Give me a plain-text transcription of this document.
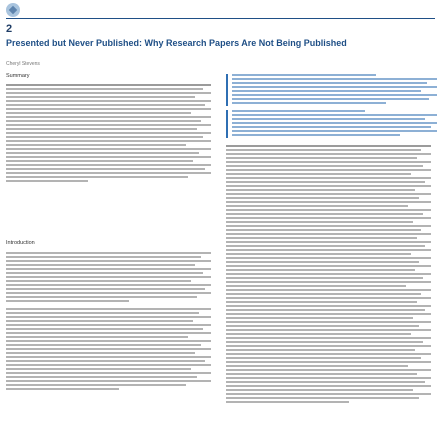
2
Presented but Never Published: Why Research Papers Are Not Being Published
Cheryl Stevens
Summary
Introduction
